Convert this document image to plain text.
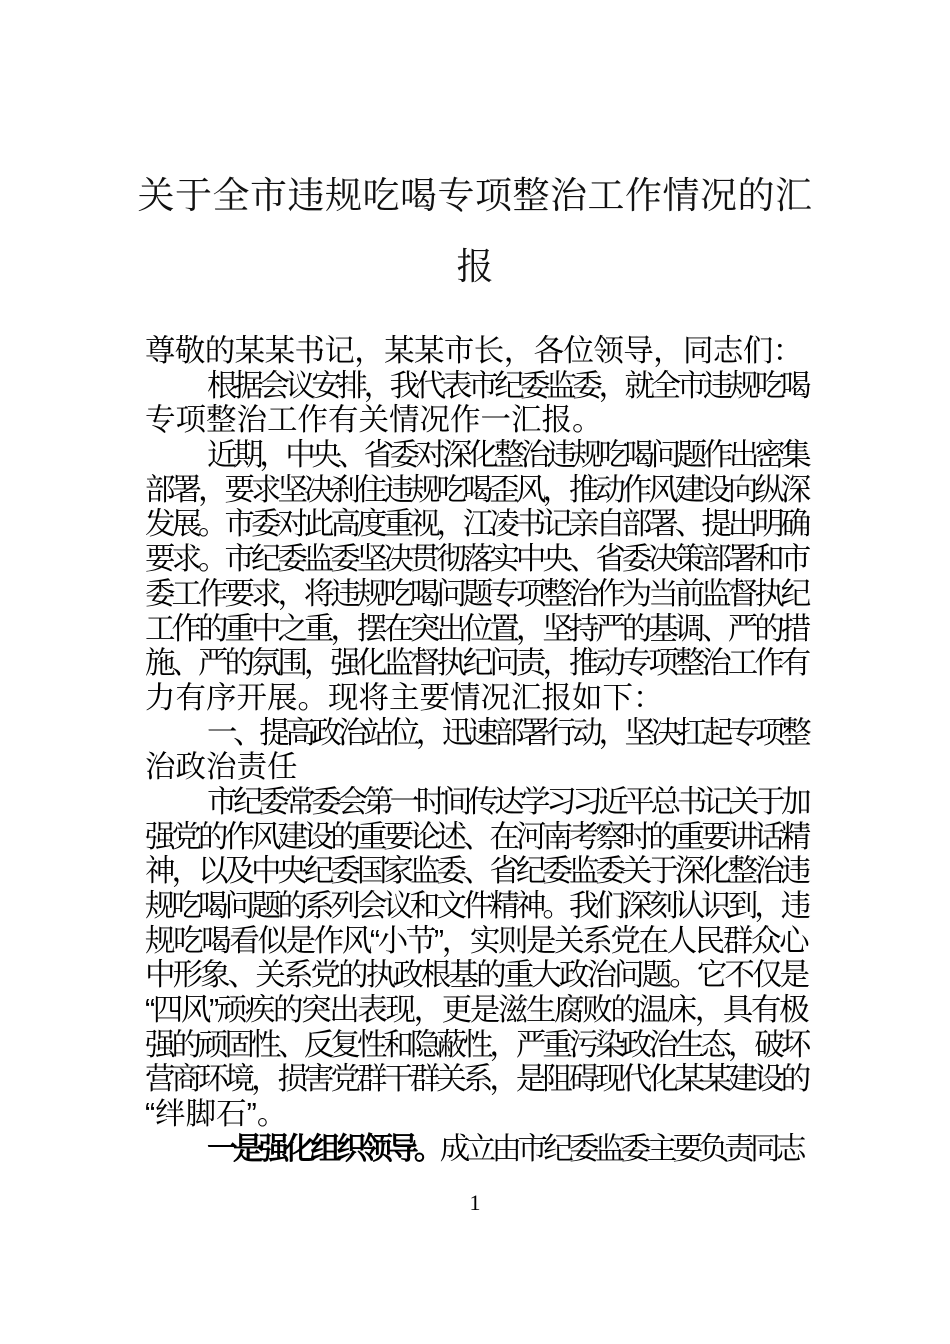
关于全市违规吃喝专项整治工作情况的汇
报
尊敬的某某书记，某某市长，各位领导，同志们：
根据会议安排，我代表市纪委监委，就全市违规吃喝
专项整治工作有关情况作一汇报。
近期，中央、省委对深化整治违规吃喝问题作出密集
部署，要求坚决刹住违规吃喝歪风，推动作风建设向纵深
发展。市委对此高度重视，江凌书记亲自部署、提出明确
要求。市纪委监委坚决贯彻落实中央、省委决策部署和市
委工作要求，将违规吃喝问题专项整治作为当前监督执纪
工作的重中之重，摆在突出位置，坚持严的基调、严的措
施、严的氛围，强化监督执纪问责，推动专项整治工作有
力有序开展。现将主要情况汇报如下：
一、提高政治站位，迅速部署行动，坚决扛起专项整
治政治责任
市纪委常委会第一时间传达学习习近平总书记关于加
强党的作风建设的重要论述、在河南考察时的重要讲话精
神，以及中央纪委国家监委、省纪委监委关于深化整治违
规吃喝问题的系列会议和文件精神。我们深刻认识到，违
规吃喝看似是作风“小节”，实则是关系党在人民群众心
中形象、关系党的执政根基的重大政治问题。它不仅是
“四风”顽疾的突出表现，更是滋生腐败的温床，具有极
强的顽固性、反复性和隐蔽性，严重污染政治生态，破坏
营商环境，损害党群干群关系，是阻碍现代化某某建设的
“绊脚石”。
一是强化组织领导。成立由市纪委监委主要负责同志
1
